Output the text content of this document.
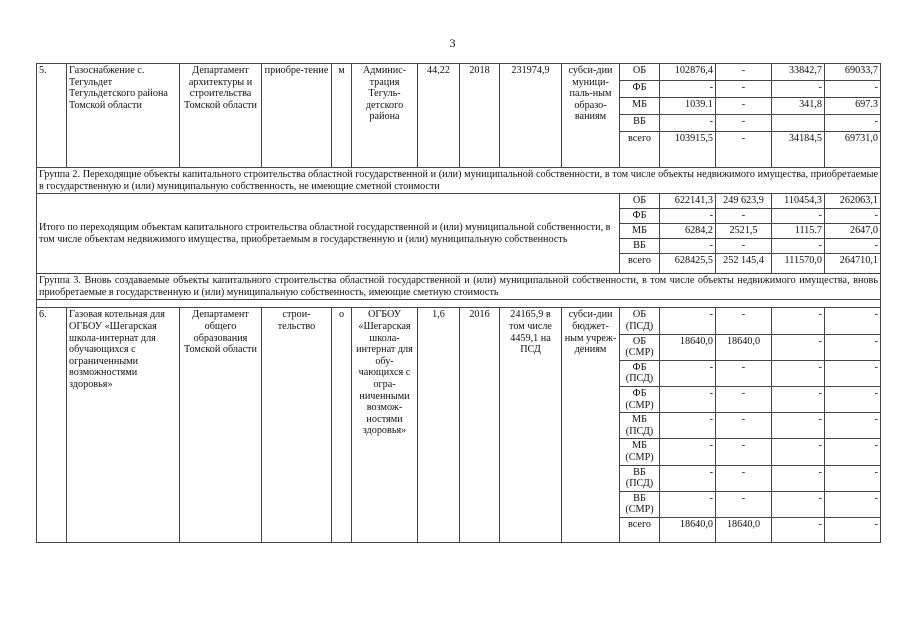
3
5.	Газоснабжение с. Тегульдет Тегульдетского района Томской области	Департамент архитектуры и строительства Томской области	приобре-тение	м	Админис-трация Тегуль-детского района	44,22	2018	231974,9	субси-дии муници-паль-ным образо-ваниям	ОБ	102876,4	-	33842,7	69033,7
										ФБ	-	-	-	-
										МБ	1039.1	-	341,8	697.3
										ВБ	-	-		-
										всего	103915,5	-	34184,5	69731,0
Группа 2. Переходящие объекты капитального строительства областной государственной и (или) муниципальной собственности, в том числе объекты недвижимого имущества, приобретаемые в государственную и (или) муниципальную собственность, не имеющие сметной стоимости														
Итого по переходящим объектам капитального строительства областной государственной и (или) муниципальной собственности, в том числе объектам недвижимого имущества, приобретаемым в государственную и (или) муниципальную собственность										ОБ	622141,3	249 623,9	110454,3	262063,1
										ФБ	-	-	-	-
										МБ	6284,2	2521,5	1115.7	2647,0
										ВБ	-	-	-	-
										всего	628425,5	252 145,4	111570,0	264710,1
Группа 3. Вновь создаваемые объекты капитального строительства областной государственной и (или) муниципальной собственности, в том числе объекты недвижимого имущества, вновь приобретаемые в государственную и (или) муниципальную собственность, имеющие сметную стоимость														

6.	Газовая котельная для ОГБОУ «Шегарская школа-интернат для обучающихся с ограниченными возможностями здоровья»	Департамент общего образования Томской области	строи-тельство	о	ОГБОУ «Шегарская школа-интернат для обу-чающихся с огра-ниченными возмож-ностями здоровья»	1,6	2016	24165,9 в том числе 4459,1 на ПСД	субси-дии бюджет-ным учреж-дениям	ОБ (ПСД)	-	-	-	-
										ОБ (СМР)	18640,0	18640,0	-	-
										ФБ (ПСД)	-	-	-	-
										ФБ (СМР)	-	-	-	-
										МБ (ПСД)	-	-	-	-
										МБ (СМР)	-	-	-	-
										ВБ (ПСД)	-	-	-	-
										ВБ (СМР)	-	-	-	-
										всего	18640,0	18640,0	-	-
